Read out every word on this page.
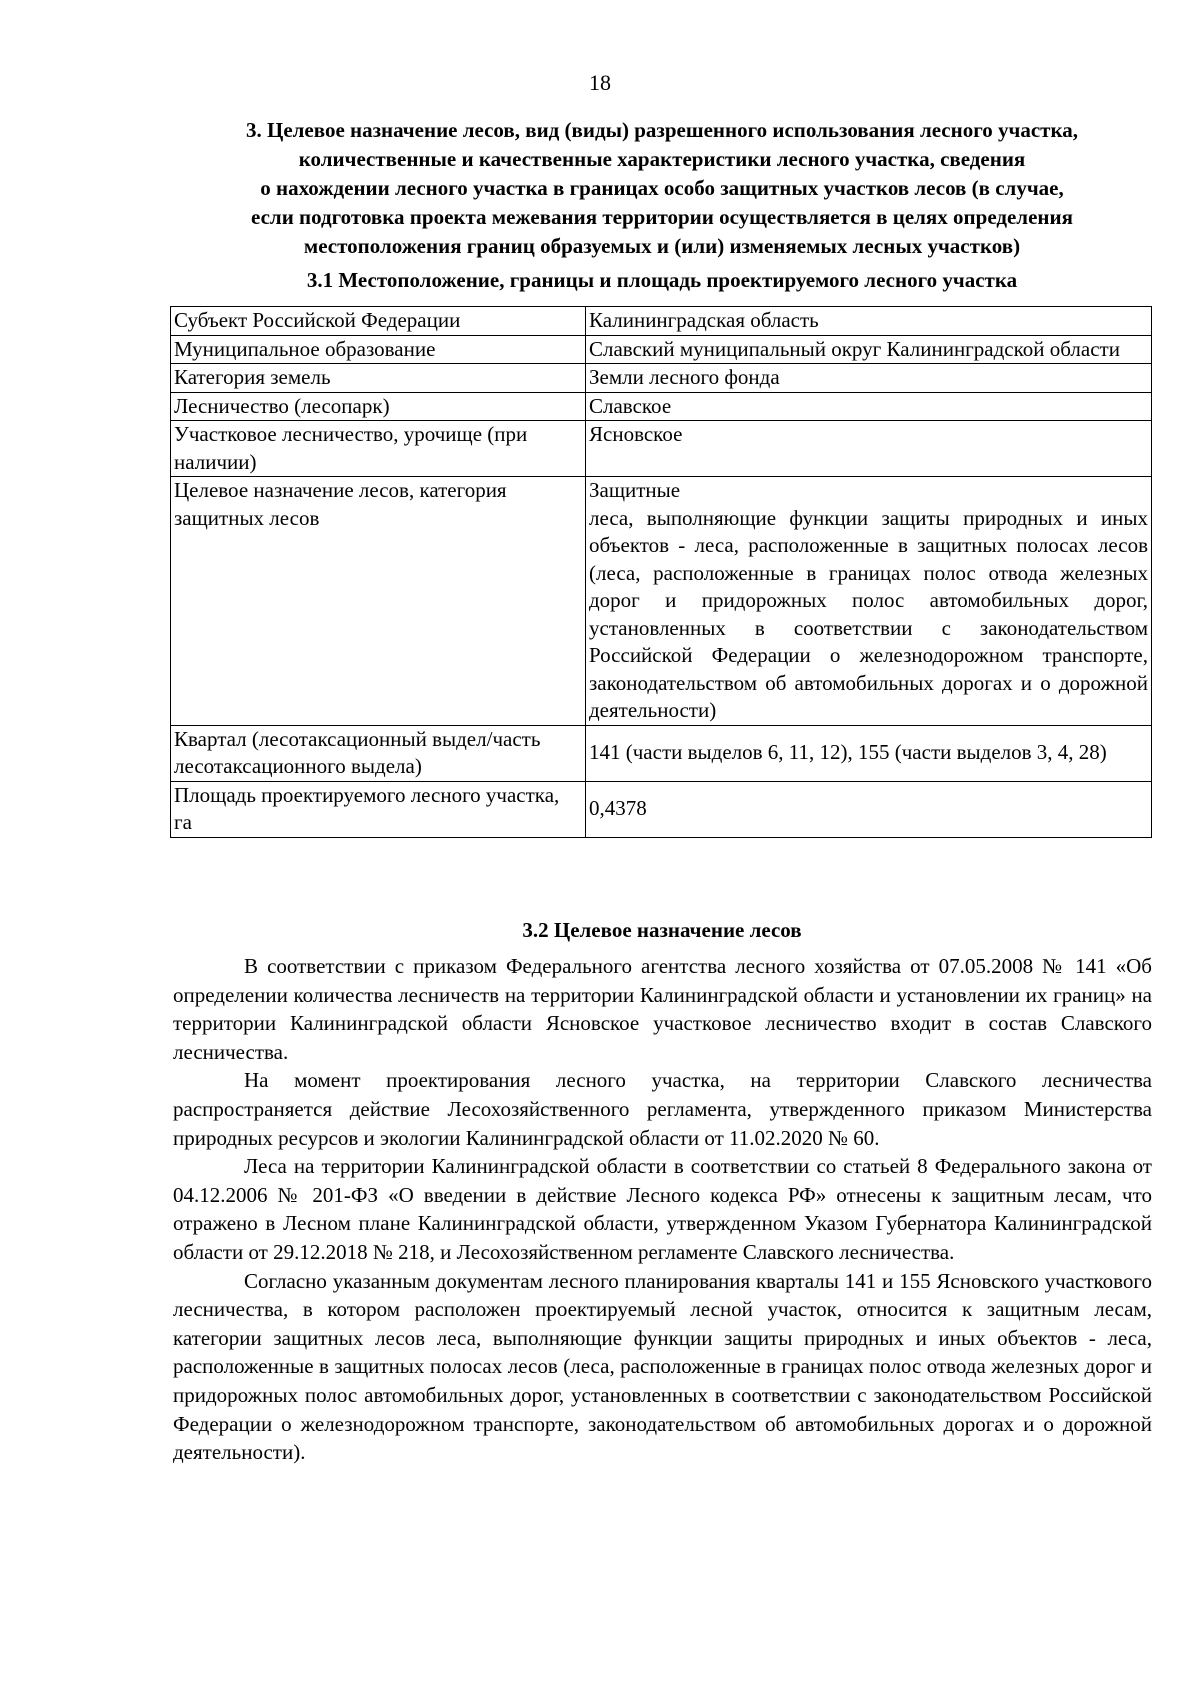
18
3. Целевое назначение лесов, вид (виды) разрешенного использования лесного участка,
количественные и качественные характеристики лесного участка, сведения
о нахождении лесного участка в границах особо защитных участков лесов (в случае,
если подготовка проекта межевания территории осуществляется в целях определения
местоположения границ образуемых и (или) изменяемых лесных участков)
3.1 Местоположение, границы и площадь проектируемого лесного участка
Субъект Российской Федерации	Калининградская область
Муниципальное образование	Славский муниципальный округ Калининградской области
Категория земель	Земли лесного фонда
Лесничество (лесопарк)	Славское
Участковое лесничество, урочище (при наличии)	Ясновское
Целевое назначение лесов, категория защитных лесов	Защитные
леса, выполняющие функции защиты природных и иных объектов - леса, расположенные в защитных полосах лесов (леса, расположенные в границах полос отвода железных дорог и придорожных полос автомобильных дорог, установленных в соответствии с законодательством Российской Федерации о железнодорожном транспорте, законодательством об автомобильных дорогах и о дорожной деятельности)

Квартал (лесотаксационный выдел/часть лесотаксационного выдела)	141 (части выделов 6, 11, 12), 155 (части выделов 3, 4, 28)
Площадь проектируемого лесного участка, га	0,4378
3.2 Целевое назначение лесов

В соответствии с приказом Федерального агентства лесного хозяйства от 07.05.2008 № 141 «Об определении количества лесничеств на территории Калининградской области и установлении их границ» на территории Калининградской области Ясновское участковое лесничество входит в состав Славского лесничества.

На момент проектирования лесного участка, на территории Славского лесничества распространяется действие Лесохозяйственного регламента, утвержденного приказом Министерства природных ресурсов и экологии Калининградской области от 11.02.2020 № 60.

Леса на территории Калининградской области в соответствии со статьей 8 Федерального закона от 04.12.2006 № 201-ФЗ «О введении в действие Лесного кодекса РФ» отнесены к защитным лесам, что отражено в Лесном плане Калининградской области, утвержденном Указом Губернатора Калининградской области от 29.12.2018 № 218, и Лесохозяйственном регламенте Славского лесничества.

Согласно указанным документам лесного планирования кварталы 141 и 155 Ясновского участкового лесничества, в котором расположен проектируемый лесной участок, относится к защитным лесам, категории защитных лесов леса, выполняющие функции защиты природных и иных объектов - леса, расположенные в защитных полосах лесов (леса, расположенные в границах полос отвода железных дорог и придорожных полос автомобильных дорог, установленных в соответствии с законодательством Российской Федерации о железнодорожном транспорте, законодательством об автомобильных дорогах и о дорожной деятельности).
